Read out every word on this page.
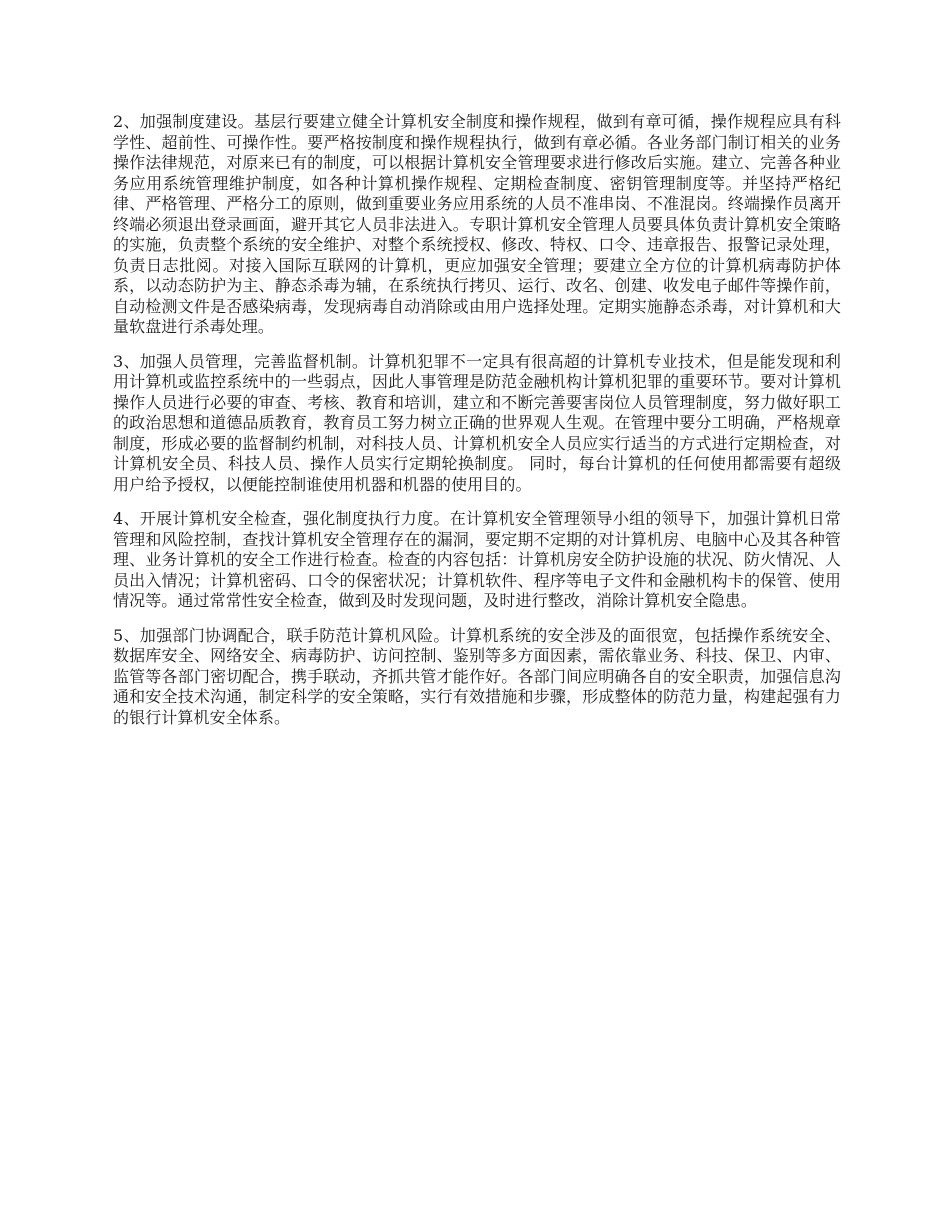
2、加强制度建设。基层行要建立健全计算机安全制度和操作规程，做到有章可循，操作规程应具有科学性、超前性、可操作性。要严格按制度和操作规程执行，做到有章必循。各业务部门制订相关的业务操作法律规范，对原来已有的制度，可以根据计算机安全管理要求进行修改后实施。建立、完善各种业务应用系统管理维护制度，如各种计算机操作规程、定期检查制度、密钥管理制度等。并坚持严格纪律、严格管理、严格分工的原则，做到重要业务应用系统的人员不准串岗、不准混岗。终端操作员离开终端必须退出登录画面，避开其它人员非法进入。专职计算机安全管理人员要具体负责计算机安全策略的实施，负责整个系统的安全维护、对整个系统授权、修改、特权、口令、违章报告、报警记录处理，负责日志批阅。对接入国际互联网的计算机，更应加强安全管理；要建立全方位的计算机病毒防护体系，以动态防护为主、静态杀毒为辅，在系统执行拷贝、运行、改名、创建、收发电子邮件等操作前，自动检测文件是否感染病毒，发现病毒自动消除或由用户选择处理。定期实施静态杀毒，对计算机和大量软盘进行杀毒处理。

3、加强人员管理，完善监督机制。计算机犯罪不一定具有很高超的计算机专业技术，但是能发现和利用计算机或监控系统中的一些弱点，因此人事管理是防范金融机构计算机犯罪的重要环节。要对计算机操作人员进行必要的审查、考核、教育和培训，建立和不断完善要害岗位人员管理制度，努力做好职工的政治思想和道德品质教育，教育员工努力树立正确的世界观人生观。在管理中要分工明确，严格规章制度，形成必要的监督制约机制，对科技人员、计算机机安全人员应实行适当的方式进行定期检查，对计算机安全员、科技人员、操作人员实行定期轮换制度。 同时，每台计算机的任何使用都需要有超级用户给予授权，以便能控制谁使用机器和机器的使用目的。

4、开展计算机安全检查，强化制度执行力度。在计算机安全管理领导小组的领导下，加强计算机日常管理和风险控制，查找计算机安全管理存在的漏洞，要定期不定期的对计算机房、电脑中心及其各种管理、业务计算机的安全工作进行检查。检查的内容包括：计算机房安全防护设施的状况、防火情况、人员出入情况；计算机密码、口令的保密状况；计算机软件、程序等电子文件和金融机构卡的保管、使用情况等。通过常常性安全检查，做到及时发现问题，及时进行整改，消除计算机安全隐患。

5、加强部门协调配合，联手防范计算机风险。计算机系统的安全涉及的面很宽，包括操作系统安全、数据库安全、网络安全、病毒防护、访问控制、鉴别等多方面因素，需依靠业务、科技、保卫、内审、监管等各部门密切配合，携手联动，齐抓共管才能作好。各部门间应明确各自的安全职责，加强信息沟通和安全技术沟通，制定科学的安全策略，实行有效措施和步骤，形成整体的防范力量，构建起强有力的银行计算机安全体系。
